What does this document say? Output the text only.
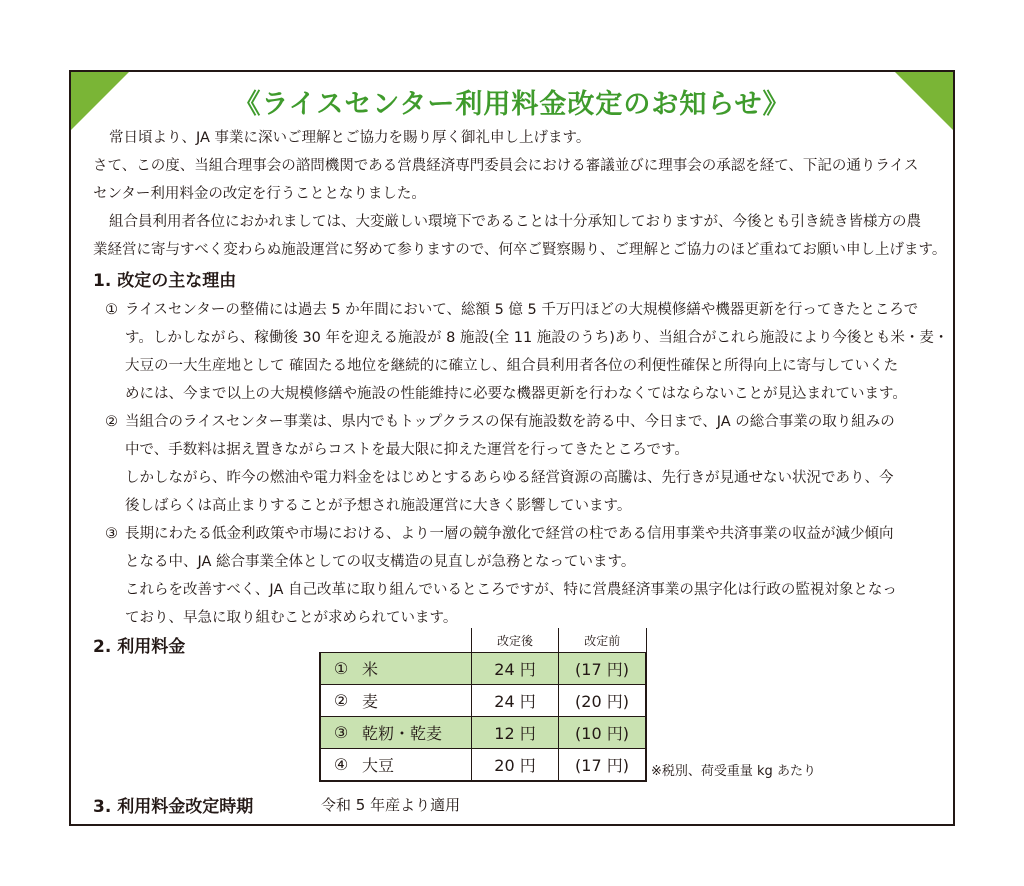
《ライスセンター利用料金改定のお知らせ》

常日頃より、JA 事業に深いご理解とご協力を賜り厚く御礼申し上げます。

さて、この度、当組合理事会の諮問機関である営農経済専門委員会における審議並びに理事会の承認を経て、下記の通りライス

センター利用料金の改定を行うこととなりました。

組合員利用者各位におかれましては、大変厳しい環境下であることは十分承知しておりますが、今後とも引き続き皆様方の農

業経営に寄与すべく変わらぬ施設運営に努めて参りますので、何卒ご賢察賜り、ご理解とご協力のほど重ねてお願い申し上げます。

1. 改定の主な理由
① ライスセンターの整備には過去 5 か年間において、総額 5 億 5 千万円ほどの大規模修繕や機器更新を行ってきたところで

す。しかしながら、稼働後 30 年を迎える施設が 8 施設(全 11 施設のうち)あり、当組合がこれら施設により今後とも米・麦・

大豆の一大生産地として 確固たる地位を継続的に確立し、組合員利用者各位の利便性確保と所得向上に寄与していくた

めには、今まで以上の大規模修繕や施設の性能維持に必要な機器更新を行わなくてはならないことが見込まれています。

② 当組合のライスセンター事業は、県内でもトップクラスの保有施設数を誇る中、今日まで、JA の総合事業の取り組みの

中で、手数料は据え置きながらコストを最大限に抑えた運営を行ってきたところです。

しかしながら、昨今の燃油や電力料金をはじめとするあらゆる経営資源の高騰は、先行きが見通せない状況であり、今

後しばらくは高止まりすることが予想され施設運営に大きく影響しています。

③ 長期にわたる低金利政策や市場における、より一層の競争激化で経営の柱である信用事業や共済事業の収益が減少傾向

となる中、JA 総合事業全体としての収支構造の見直しが急務となっています。

これらを改善すべく、JA 自己改革に取り組んでいるところですが、特に営農経済事業の黒字化は行政の監視対象となっ

ており、早急に取り組むことが求められています。

2. 利用料金
		改定後	改定前
①	米	24 円	(17 円)
②	麦	24 円	(20 円)
③	乾籾・乾麦	12 円	(10 円)
④	大豆	20 円	(17 円) ※税別、荷受重量 kg あたり
3. 利用料金改定時期	令和 5 年産より適用
